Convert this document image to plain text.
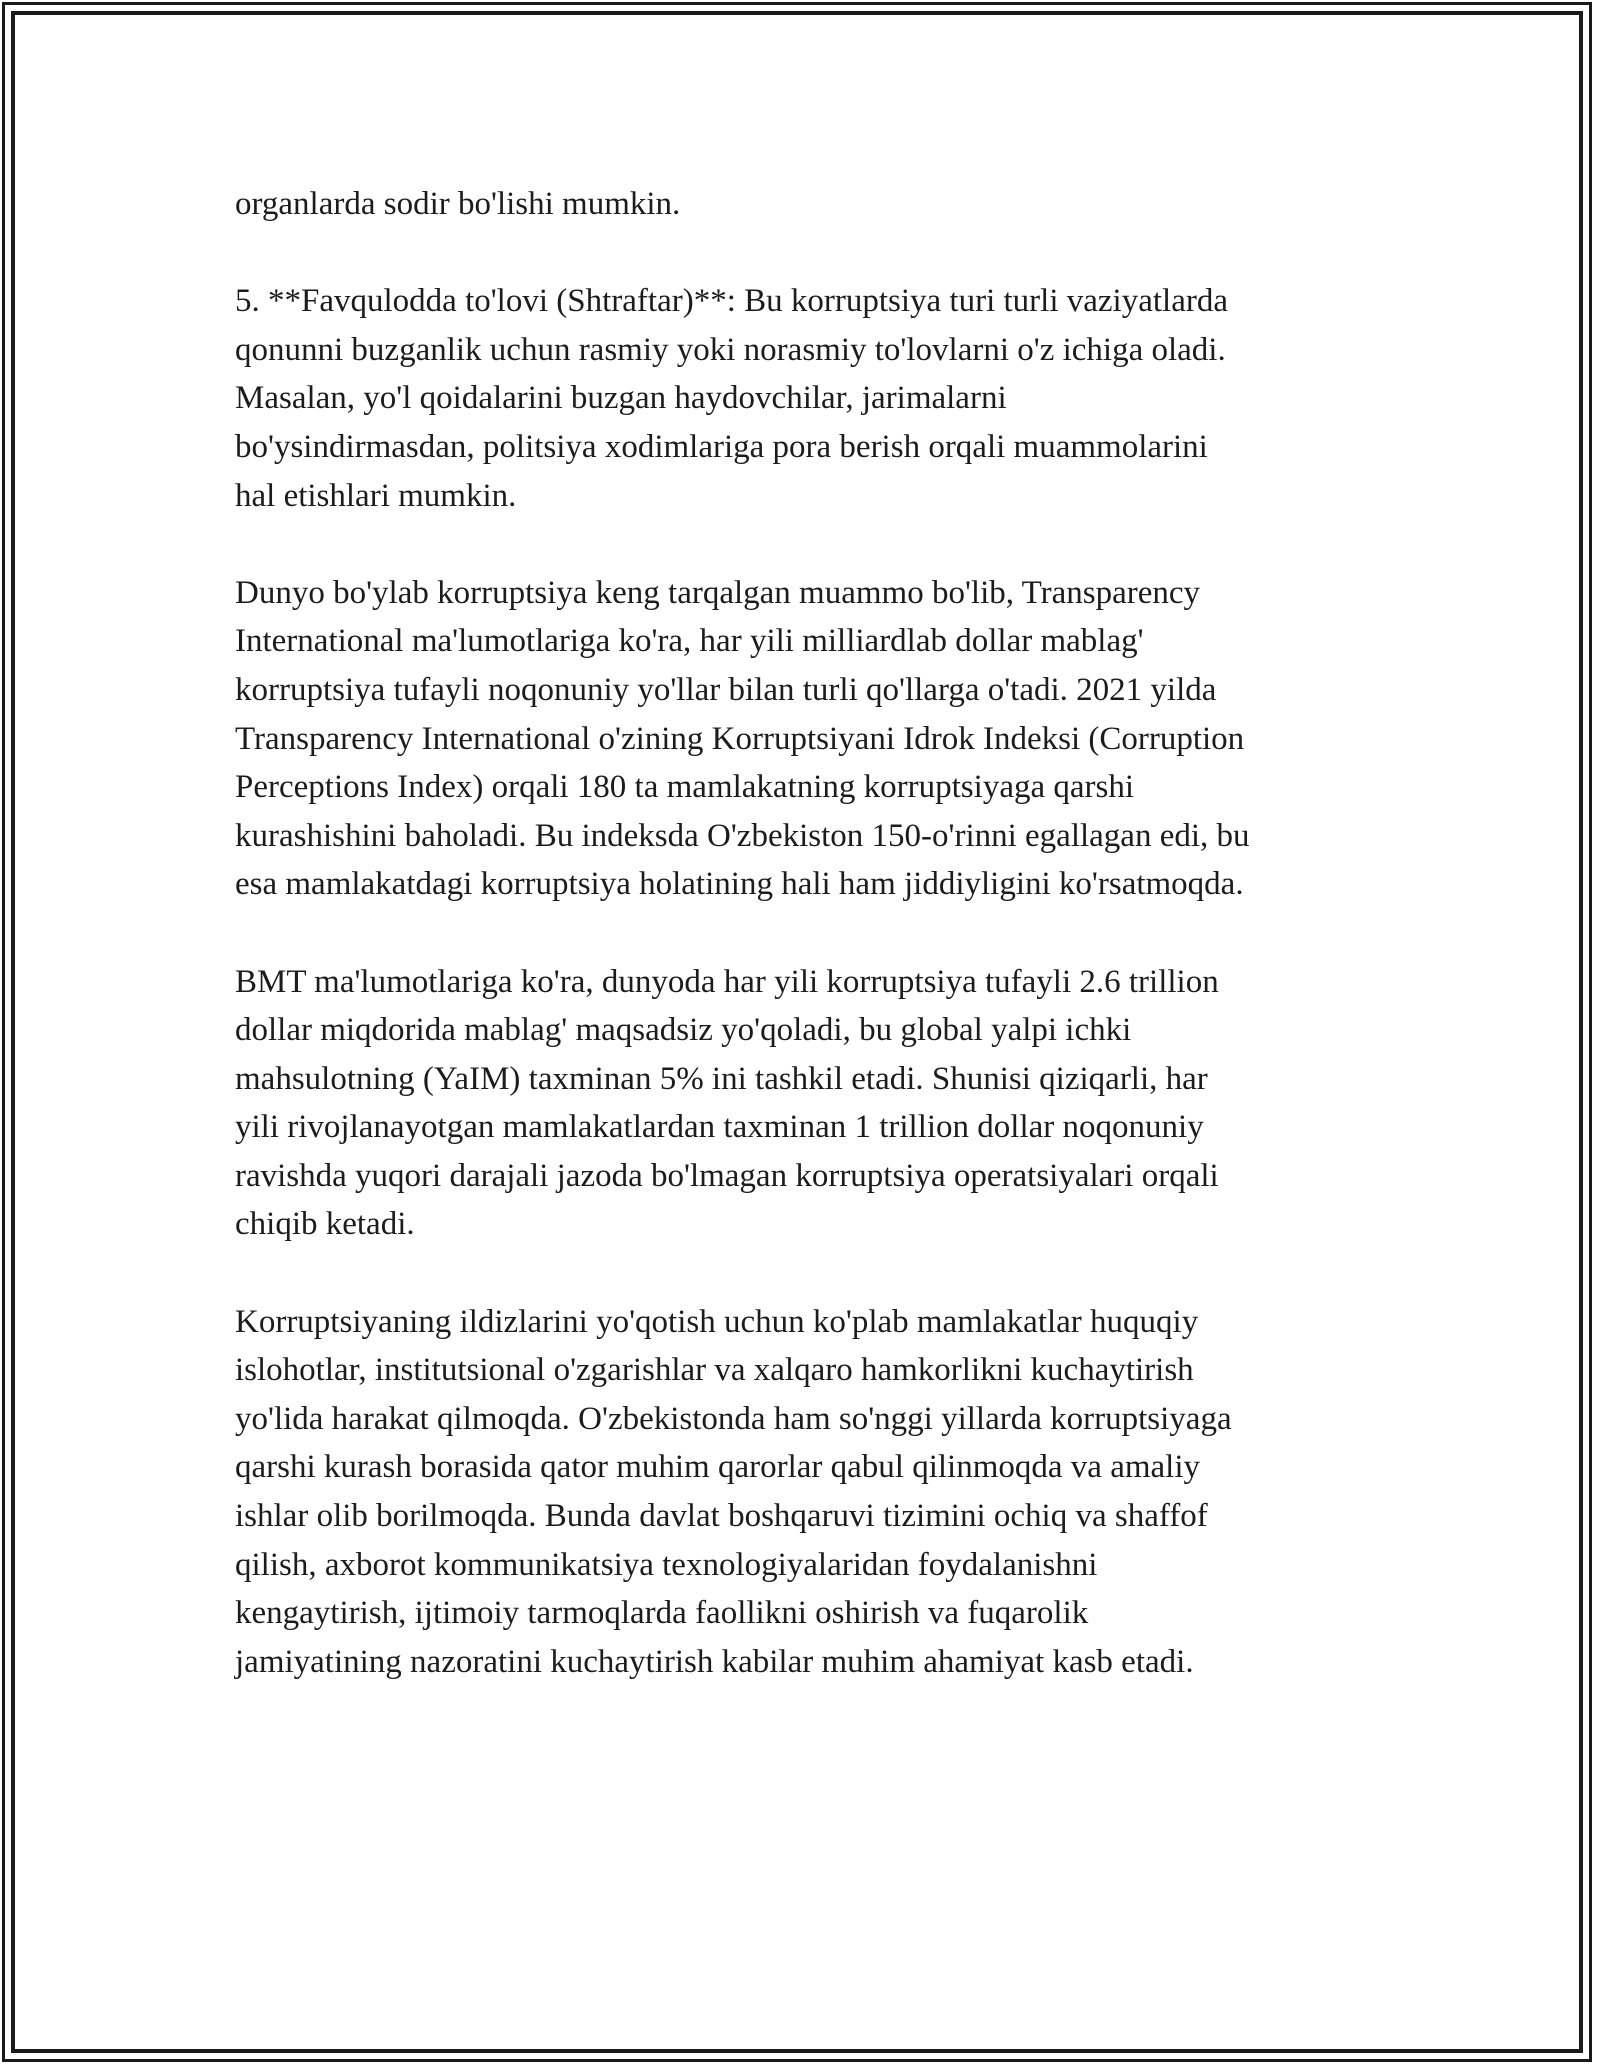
organlarda sodir bo'lishi mumkin.

5. **Favqulodda to'lovi (Shtraftar)**: Bu korruptsiya turi turli vaziyatlarda
qonunni buzganlik uchun rasmiy yoki norasmiy to'lovlarni o'z ichiga oladi.
Masalan, yo'l qoidalarini buzgan haydovchilar, jarimalarni
bo'ysindirmasdan, politsiya xodimlariga pora berish orqali muammolarini
hal etishlari mumkin.

Dunyo bo'ylab korruptsiya keng tarqalgan muammo bo'lib, Transparency
International ma'lumotlariga ko'ra, har yili milliardlab dollar mablag'
korruptsiya tufayli noqonuniy yo'llar bilan turli qo'llarga o'tadi. 2021 yilda
Transparency International o'zining Korruptsiyani Idrok Indeksi (Corruption
Perceptions Index) orqali 180 ta mamlakatning korruptsiyaga qarshi
kurashishini baholadi. Bu indeksda O'zbekiston 150-o'rinni egallagan edi, bu
esa mamlakatdagi korruptsiya holatining hali ham jiddiyligini ko'rsatmoqda.

BMT ma'lumotlariga ko'ra, dunyoda har yili korruptsiya tufayli 2.6 trillion
dollar miqdorida mablag' maqsadsiz yo'qoladi, bu global yalpi ichki
mahsulotning (YaIM) taxminan 5% ini tashkil etadi. Shunisi qiziqarli, har
yili rivojlanayotgan mamlakatlardan taxminan 1 trillion dollar noqonuniy
ravishda yuqori darajali jazoda bo'lmagan korruptsiya operatsiyalari orqali
chiqib ketadi.

Korruptsiyaning ildizlarini yo'qotish uchun ko'plab mamlakatlar huquqiy
islohotlar, institutsional o'zgarishlar va xalqaro hamkorlikni kuchaytirish
yo'lida harakat qilmoqda. O'zbekistonda ham so'nggi yillarda korruptsiyaga
qarshi kurash borasida qator muhim qarorlar qabul qilinmoqda va amaliy
ishlar olib borilmoqda. Bunda davlat boshqaruvi tizimini ochiq va shaffof
qilish, axborot kommunikatsiya texnologiyalaridan foydalanishni
kengaytirish, ijtimoiy tarmoqlarda faollikni oshirish va fuqarolik
jamiyatining nazoratini kuchaytirish kabilar muhim ahamiyat kasb etadi.
